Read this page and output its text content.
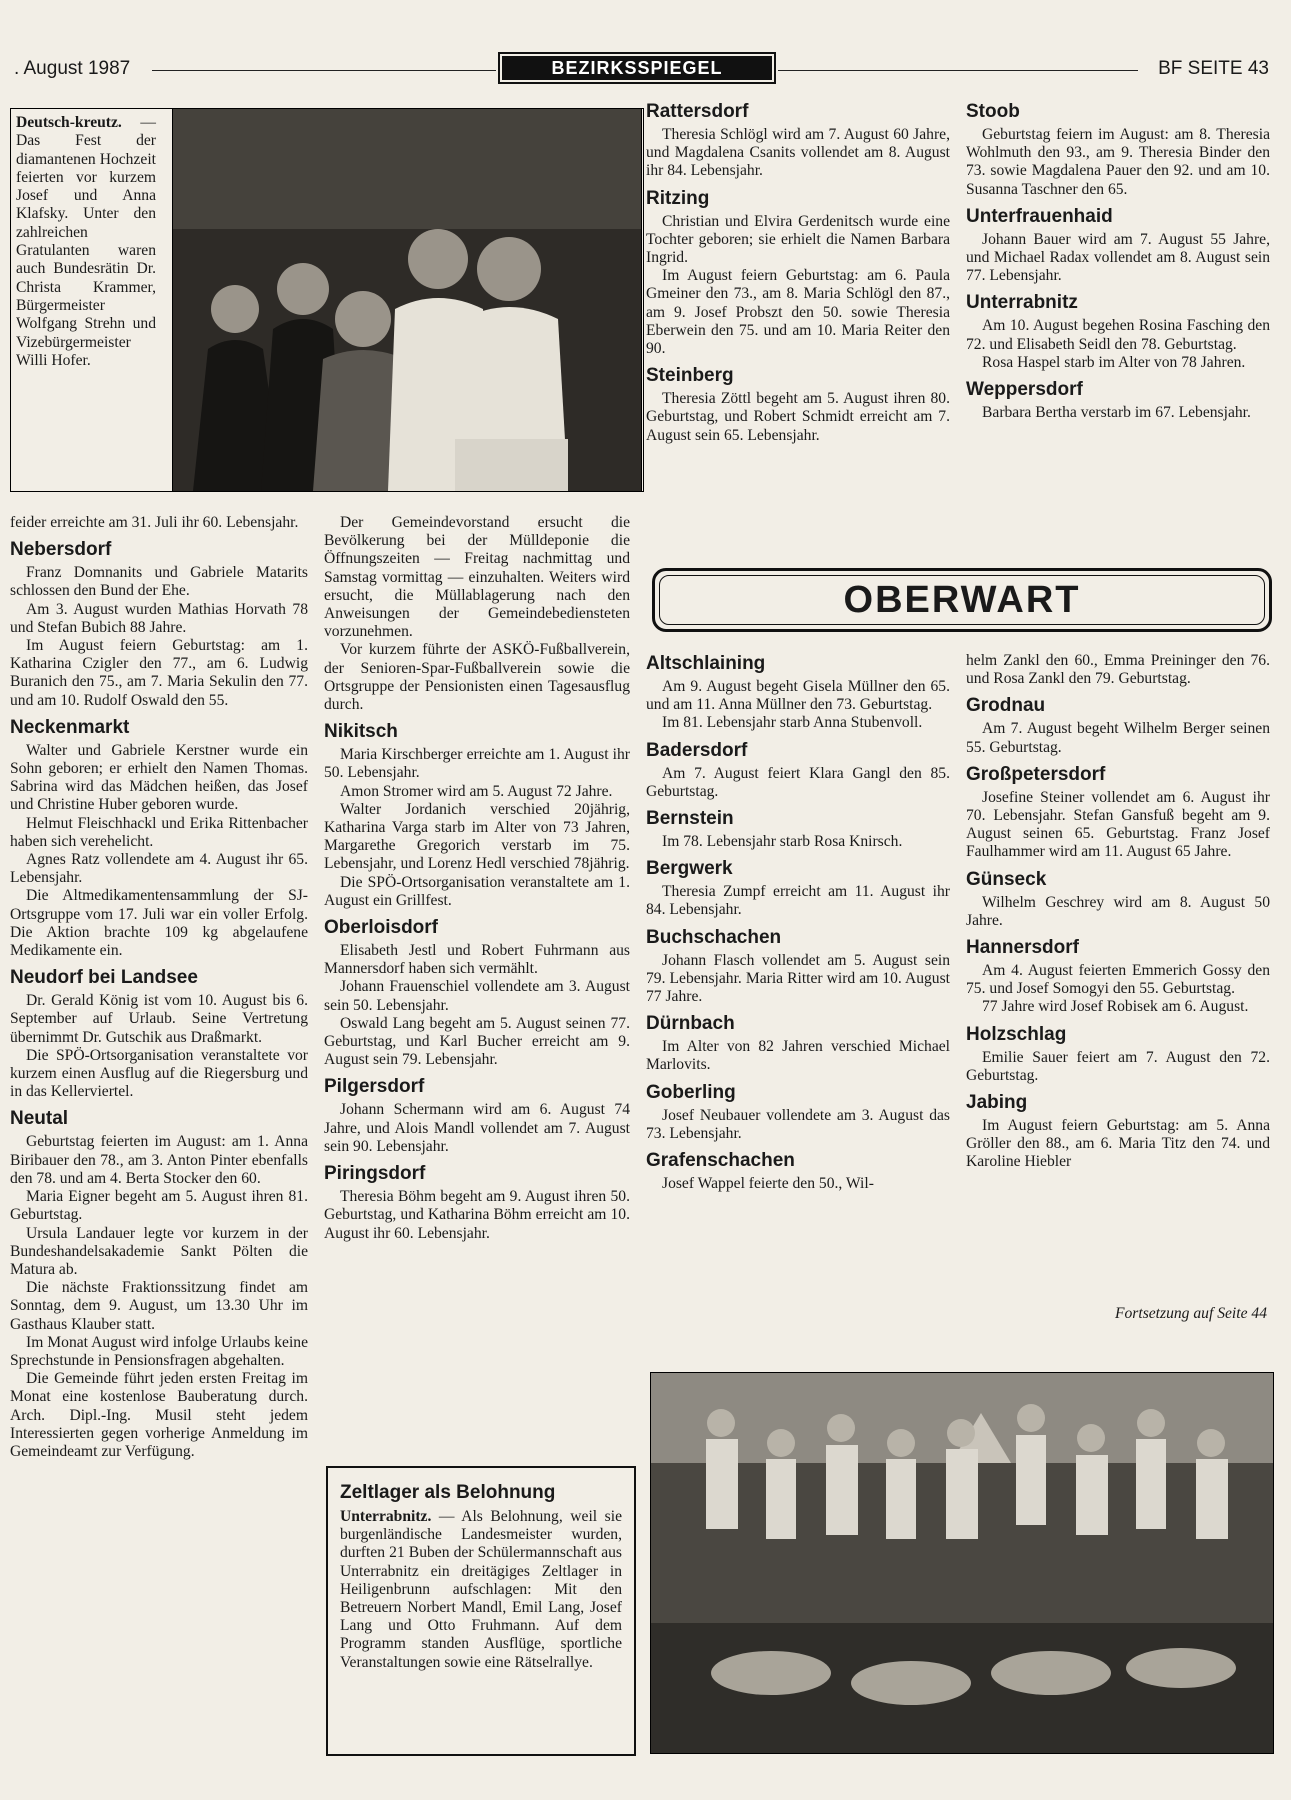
. August 1987	BEZIRKSSPIEGEL	BF SEITE 43
Deutsch-kreutz. — Das Fest der diamantenen Hochzeit feierten vor kurzem Josef und Anna Klafsky. Unter den zahlreichen Gratulanten waren auch Bundesrätin Dr. Christa Krammer, Bürgermeister Wolfgang Strehn und Vizebürgermeister Willi Hofer.

feider erreichte am 31. Juli ihr 60. Lebensjahr.

Nebersdorf

Franz Domnanits und Gabriele Matarits schlossen den Bund der Ehe.

Am 3. August wurden Mathias Horvath 78 und Stefan Bubich 88 Jahre.

Im August feiern Geburtstag: am 1. Katharina Czigler den 77., am 6. Ludwig Buranich den 75., am 7. Maria Sekulin den 77. und am 10. Rudolf Oswald den 55.

Neckenmarkt

Walter und Gabriele Kerstner wurde ein Sohn geboren; er erhielt den Namen Thomas. Sabrina wird das Mädchen heißen, das Josef und Christine Huber geboren wurde.

Helmut Fleischhackl und Erika Rittenbacher haben sich verehelicht.

Agnes Ratz vollendete am 4. August ihr 65. Lebensjahr.

Die Altmedikamentensammlung der SJ-Ortsgruppe vom 17. Juli war ein voller Erfolg. Die Aktion brachte 109 kg abgelaufene Medikamente ein.

Neudorf bei Landsee

Dr. Gerald König ist vom 10. August bis 6. September auf Urlaub. Seine Vertretung übernimmt Dr. Gutschik aus Draßmarkt.

Die SPÖ-Ortsorganisation veranstaltete vor kurzem einen Ausflug auf die Riegersburg und in das Kellerviertel.

Neutal

Geburtstag feierten im August: am 1. Anna Biribauer den 78., am 3. Anton Pinter ebenfalls den 78. und am 4. Berta Stocker den 60.

Maria Eigner begeht am 5. August ihren 81. Geburtstag.

Ursula Landauer legte vor kurzem in der Bundeshandelsakademie Sankt Pölten die Matura ab.

Die nächste Fraktionssitzung findet am Sonntag, dem 9. August, um 13.30 Uhr im Gasthaus Klauber statt.

Im Monat August wird infolge Urlaubs keine Sprechstunde in Pensionsfragen abgehalten.

Die Gemeinde führt jeden ersten Freitag im Monat eine kostenlose Bauberatung durch. Arch. Dipl.-Ing. Musil steht jedem Interessierten gegen vorherige Anmeldung im Gemeindeamt zur Verfügung.

Der Gemeindevorstand ersucht die Bevölkerung bei der Mülldeponie die Öffnungszeiten — Freitag nachmittag und Samstag vormittag — einzuhalten. Weiters wird ersucht, die Müllablagerung nach den Anweisungen der Gemeindebediensteten vorzunehmen.

Vor kurzem führte der ASKÖ-Fußballverein, der Senioren-Spar-Fußballverein sowie die Ortsgruppe der Pensionisten einen Tagesausflug durch.

Nikitsch

Maria Kirschberger erreichte am 1. August ihr 50. Lebensjahr.

Amon Stromer wird am 5. August 72 Jahre.

Walter Jordanich verschied 20jährig, Katharina Varga starb im Alter von 73 Jahren, Margarethe Gregorich verstarb im 75. Lebensjahr, und Lorenz Hedl verschied 78jährig.

Die SPÖ-Ortsorganisation veranstaltete am 1. August ein Grillfest.

Oberloisdorf

Elisabeth Jestl und Robert Fuhrmann aus Mannersdorf haben sich vermählt.

Johann Frauenschiel vollendete am 3. August sein 50. Lebensjahr.

Oswald Lang begeht am 5. August seinen 77. Geburtstag, und Karl Bucher erreicht am 9. August sein 79. Lebensjahr.

Pilgersdorf

Johann Schermann wird am 6. August 74 Jahre, und Alois Mandl vollendet am 7. August sein 90. Lebensjahr.

Piringsdorf

Theresia Böhm begeht am 9. August ihren 50. Geburtstag, und Katharina Böhm erreicht am 10. August ihr 60. Lebensjahr.

Zeltlager als Belohnung

Unterrabnitz. — Als Belohnung, weil sie burgenländische Landesmeister wurden, durften 21 Buben der Schülermannschaft aus Unterrabnitz ein dreitägiges Zeltlager in Heiligenbrunn aufschlagen: Mit den Betreuern Norbert Mandl, Emil Lang, Josef Lang und Otto Fruhmann. Auf dem Programm standen Ausflüge, sportliche Veranstaltungen sowie eine Rätselrallye.

Rattersdorf

Theresia Schlögl wird am 7. August 60 Jahre, und Magdalena Csanits vollendet am 8. August ihr 84. Lebensjahr.

Ritzing

Christian und Elvira Gerdenitsch wurde eine Tochter geboren; sie erhielt die Namen Barbara Ingrid.

Im August feiern Geburtstag: am 6. Paula Gmeiner den 73., am 8. Maria Schlögl den 87., am 9. Josef Probszt den 50. sowie Theresia Eberwein den 75. und am 10. Maria Reiter den 90.

Steinberg

Theresia Zöttl begeht am 5. August ihren 80. Geburtstag, und Robert Schmidt erreicht am 7. August sein 65. Lebensjahr.

Stoob

Geburtstag feiern im August: am 8. Theresia Wohlmuth den 93., am 9. Theresia Binder den 73. sowie Magdalena Pauer den 92. und am 10. Susanna Taschner den 65.

Unterfrauenhaid

Johann Bauer wird am 7. August 55 Jahre, und Michael Radax vollendet am 8. August sein 77. Lebensjahr.

Unterrabnitz

Am 10. August begehen Rosina Fasching den 72. und Elisabeth Seidl den 78. Geburtstag.

Rosa Haspel starb im Alter von 78 Jahren.

Weppersdorf

Barbara Bertha verstarb im 67. Lebensjahr.

OBERWART
Altschlaining

Am 9. August begeht Gisela Müllner den 65. und am 11. Anna Müllner den 73. Geburtstag.

Im 81. Lebensjahr starb Anna Stubenvoll.

Badersdorf

Am 7. August feiert Klara Gangl den 85. Geburtstag.

Bernstein

Im 78. Lebensjahr starb Rosa Knirsch.

Bergwerk

Theresia Zumpf erreicht am 11. August ihr 84. Lebensjahr.

Buchschachen

Johann Flasch vollendet am 5. August sein 79. Lebensjahr. Maria Ritter wird am 10. August 77 Jahre.

Dürnbach

Im Alter von 82 Jahren verschied Michael Marlovits.

Goberling

Josef Neubauer vollendete am 3. August das 73. Lebensjahr.

Grafenschachen

Josef Wappel feierte den 50., Wil-

helm Zankl den 60., Emma Preininger den 76. und Rosa Zankl den 79. Geburtstag.

Grodnau

Am 7. August begeht Wilhelm Berger seinen 55. Geburtstag.

Großpetersdorf

Josefine Steiner vollendet am 6. August ihr 70. Lebensjahr. Stefan Gansfuß begeht am 9. August seinen 65. Geburtstag. Franz Josef Faulhammer wird am 11. August 65 Jahre.

Günseck

Wilhelm Geschrey wird am 8. August 50 Jahre.

Hannersdorf

Am 4. August feierten Emmerich Gossy den 75. und Josef Somogyi den 55. Geburtstag.

77 Jahre wird Josef Robisek am 6. August.

Holzschlag

Emilie Sauer feiert am 7. August den 72. Geburtstag.

Jabing

Im August feiern Geburtstag: am 5. Anna Gröller den 88., am 6. Maria Titz den 74. und Karoline Hiebler

Fortsetzung auf Seite 44
